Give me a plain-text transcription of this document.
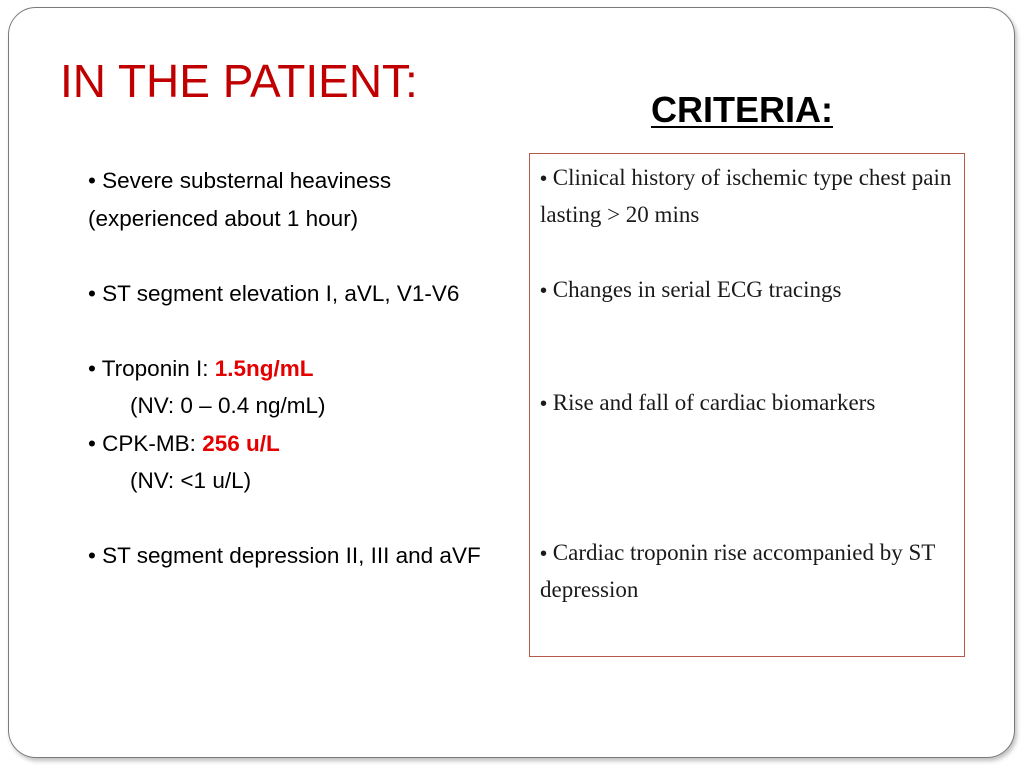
IN THE PATIENT:
CRITERIA:

• Severe substernal heaviness (experienced about 1 hour)

• ST segment elevation I, aVL, V1-V6

• Troponin I: 1.5ng/mL

(NV: 0 – 0.4 ng/mL)

• CPK-MB: 256 u/L

(NV: <1 u/L)

• ST segment depression II, III and aVF

• Clinical history of ischemic type chest pain lasting > 20 mins

• Changes in serial ECG tracings

• Rise and fall of cardiac biomarkers

• Cardiac troponin rise accompanied by ST depression
